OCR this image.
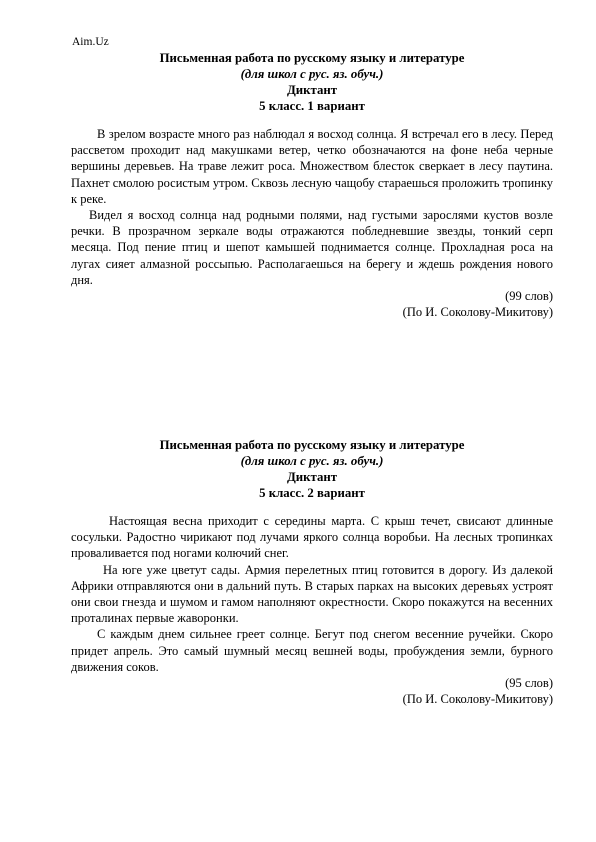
Aim.Uz
Письменная работа по русскому языку и литературе
(для школ с рус. яз. обуч.)
Диктант
5 класс. 1 вариант

В зрелом возрасте много раз наблюдал я восход солнца. Я встречал его в лесу. Перед рассветом проходит над макушками ветер, четко обозначаются на фоне неба черные вершины деревьев. На траве лежит роса. Множеством блесток сверкает в лесу паутина. Пахнет смолою росистым утром. Сквозь лесную чащобу стараешься проложить тропинку к реке.

Видел я восход солнца над родными полями, над густыми зарослями кустов возле речки. В прозрачном зеркале воды отражаются побледневшие звезды, тонкий серп месяца. Под пение птиц и шепот камышей поднимается солнце. Прохладная роса на лугах сияет алмазной россыпью. Располагаешься на берегу и ждешь рождения нового дня.

(99 слов)
(По И. Соколову-Микитову)
Письменная работа по русскому языку и литературе
(для школ с рус. яз. обуч.)
Диктант
5 класс. 2 вариант

Настоящая весна приходит с середины марта. С крыш течет, свисают длинные сосульки. Радостно чирикают под лучами яркого солнца воробьи. На лесных тропинках проваливается под ногами колючий снег.

На юге уже цветут сады. Армия перелетных птиц готовится в дорогу. Из далекой Африки отправляются они в дальний путь. В старых парках на высоких деревьях устроят они свои гнезда и шумом и гамом наполняют окрестности. Скоро покажутся на весенних проталинах первые жаворонки.

С каждым днем сильнее греет солнце. Бегут под снегом весенние ручейки. Скоро придет апрель. Это самый шумный месяц вешней воды, пробуждения земли, бурного движения соков.

(95 слов)
(По И. Соколову-Микитову)
